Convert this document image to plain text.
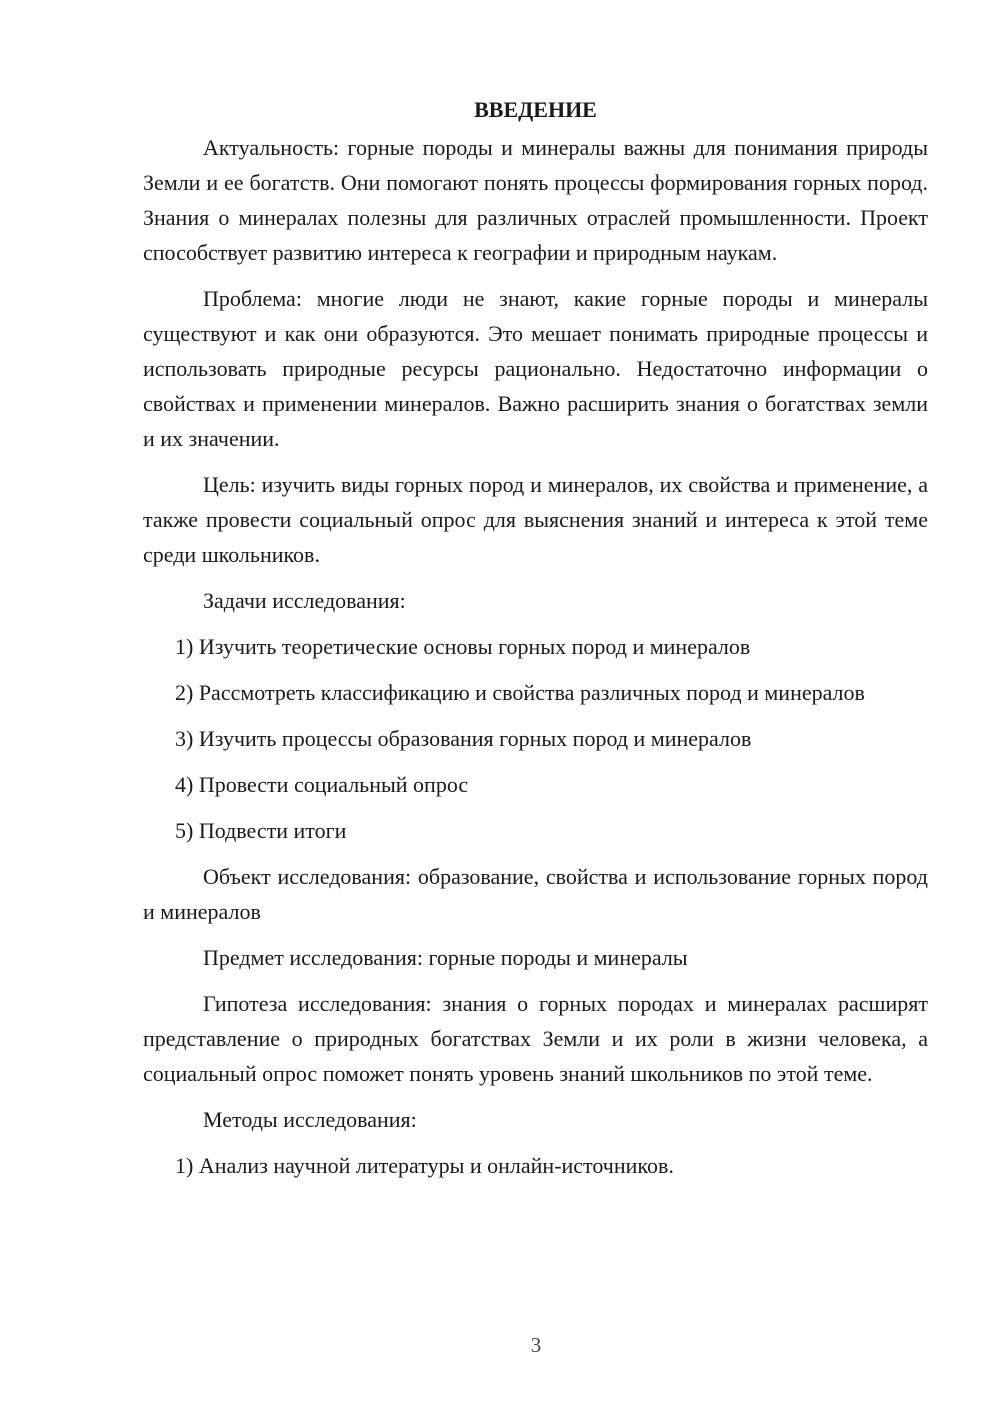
ВВЕДЕНИЕ

Актуальность: горные породы и минералы важны для понимания природы Земли и ее богатств. Они помогают понять процессы формирования горных пород. Знания о минералах полезны для различных отраслей промышленности. Проект способствует развитию интереса к географии и природным наукам.

Проблема: многие люди не знают, какие горные породы и минералы существуют и как они образуются. Это мешает понимать природные процессы и использовать природные ресурсы рационально. Недостаточно информации о свойствах и применении минералов. Важно расширить знания о богатствах земли и их значении.

Цель: изучить виды горных пород и минералов, их свойства и применение, а также провести социальный опрос для выяснения знаний и интереса к этой теме среди школьников.

Задачи исследования:

1) Изучить теоретические основы горных пород и минералов

2) Рассмотреть классификацию и свойства различных пород и минералов

3) Изучить процессы образования горных пород и минералов

4) Провести социальный опрос

5) Подвести итоги

Объект исследования: образование, свойства и использование горных пород и минералов

Предмет исследования: горные породы и минералы

Гипотеза исследования: знания о горных породах и минералах расширят представление о природных богатствах Земли и их роли в жизни человека, а социальный опрос поможет понять уровень знаний школьников по этой теме.

Методы исследования:

1) Анализ научной литературы и онлайн-источников.

3
